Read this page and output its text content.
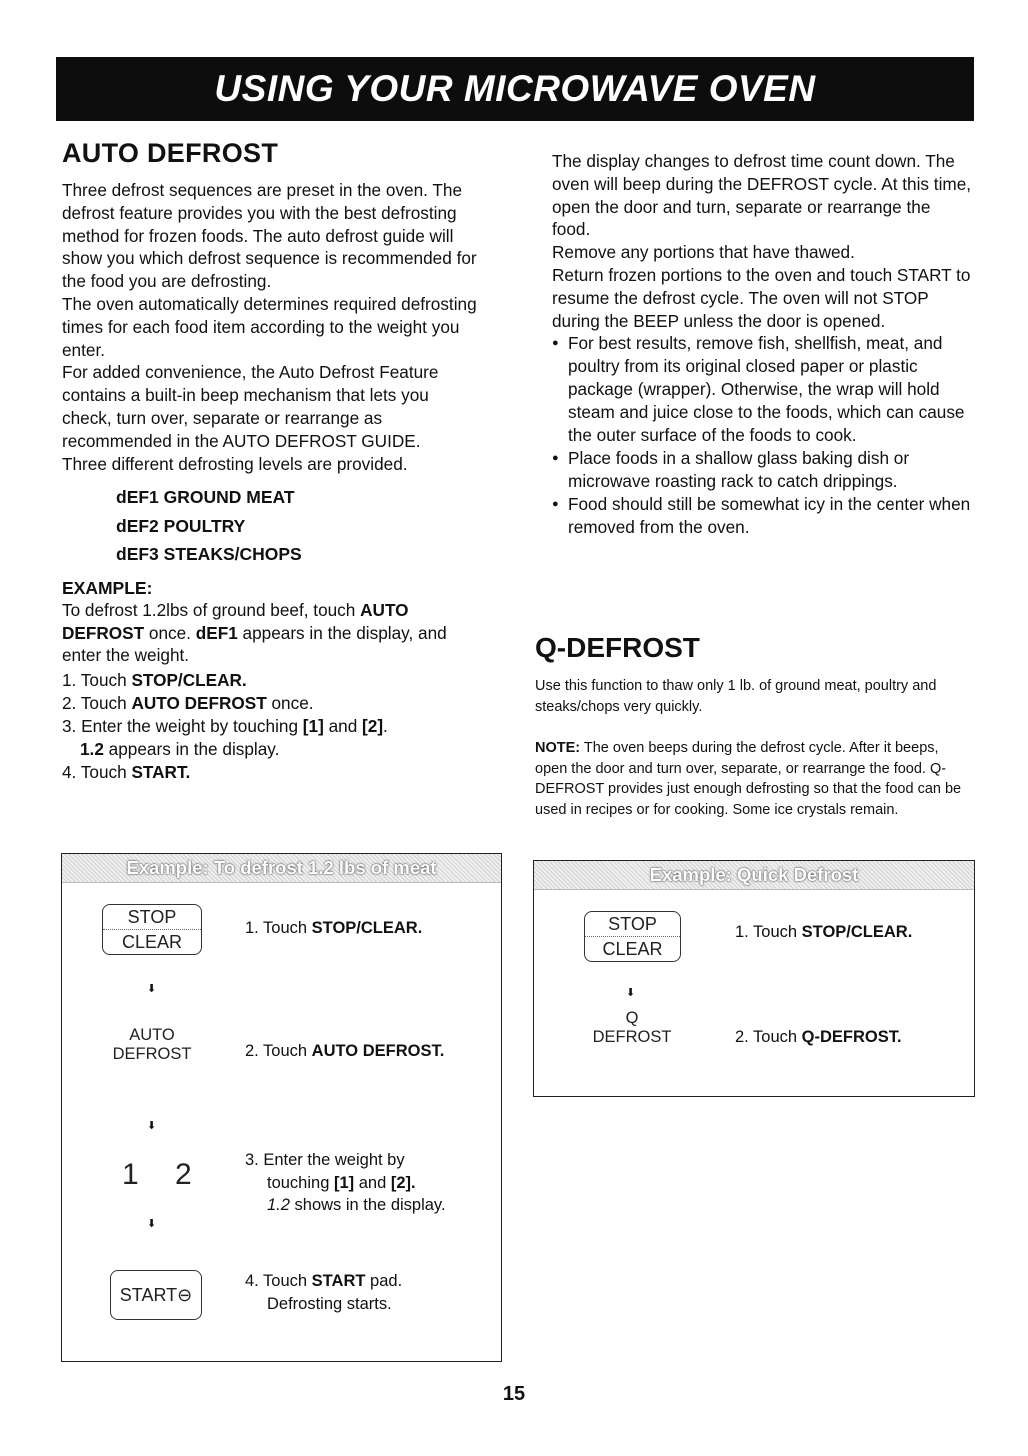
USING YOUR MICROWAVE OVEN
AUTO DEFROST

Three defrost sequences are preset in the oven. The defrost feature provides you with the best defrosting method for frozen foods. The auto defrost guide will show you which defrost sequence is recommended for the food you are defrosting.

The oven automatically determines required defrosting times for each food item according to the weight you enter.

For added convenience, the Auto Defrost Feature contains a built-in beep mechanism that lets you check, turn over, separate or rearrange as recommended in the AUTO DEFROST GUIDE.

Three different defrosting levels are provided.

dEF1 GROUND MEAT
dEF2 POULTRY
dEF3 STEAKS/CHOPS
EXAMPLE:

To defrost 1.2lbs of ground beef, touch AUTO DEFROST once. dEF1 appears in the display, and enter the weight.

1. Touch STOP/CLEAR.
2. Touch AUTO DEFROST once.
3. Enter the weight by touching [1] and [2].
1.2 appears in the display.
4. Touch START.

The display changes to defrost time count down. The oven will beep during the DEFROST cycle. At this time, open the door and turn, separate or rearrange the food.

Remove any portions that have thawed.

Return frozen portions to the oven and touch START to resume the defrost cycle. The oven will not STOP during the BEEP unless the door is opened.

● For best results, remove fish, shellfish, meat, and poultry from its original closed paper or plastic package (wrapper). Otherwise, the wrap will hold steam and juice close to the foods, which can cause the outer surface of the foods to cook.
● Place foods in a shallow glass baking dish or microwave roasting rack to catch drippings.
● Food should still be somewhat icy in the center when removed from the oven.
Q-DEFROST

Use this function to thaw only 1 lb. of ground meat, poultry and steaks/chops very quickly.

NOTE: The oven beeps during the defrost cycle. After it beeps, open the door and turn over, separate, or rearrange the food. Q-DEFROST provides just enough defrosting so that the food can be used in recipes or for cooking. Some ice crystals remain.

Example: To defrost 1.2 lbs of meat
STOP
CLEAR
1. Touch STOP/CLEAR.
⬇
AUTO
DEFROST	2. Touch AUTO DEFROST.
⬇
1 2 3. Enter the weight by
touching [1] and [2].
1.2 shows in the display.
⬇
START⊖
4. Touch START pad.
Defrosting starts.
Example: Quick Defrost
STOP
CLEAR
1. Touch STOP/CLEAR.
⬇
Q
DEFROST	2. Touch Q-DEFROST.
15
